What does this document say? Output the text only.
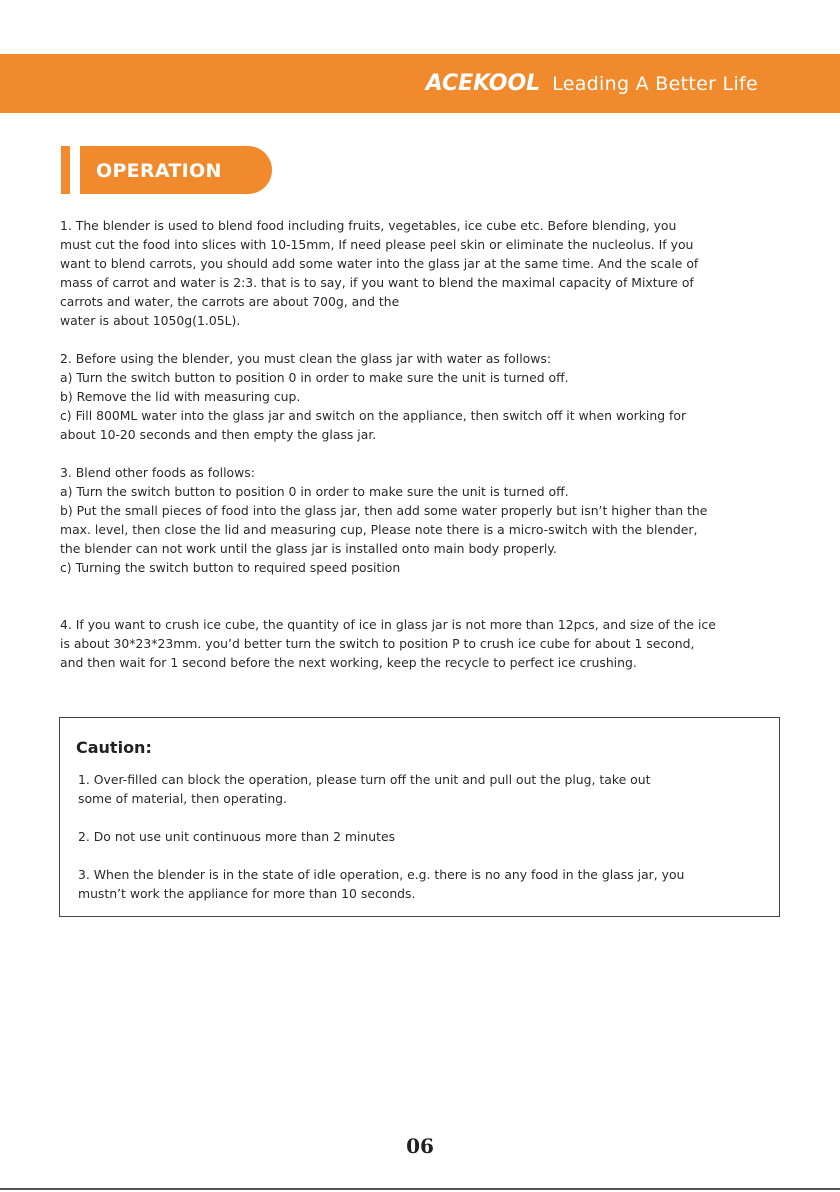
ACEKOOL Leading A Better Life
OPERATION
1. The blender is used to blend food including fruits, vegetables, ice cube etc. Before blending, you
must cut the food into slices with 10-15mm, If need please peel skin or eliminate the nucleolus. If you
want to blend carrots, you should add some water into the glass jar at the same time. And the scale of
mass of carrot and water is 2:3. that is to say, if you want to blend the maximal capacity of Mixture of
carrots and water, the carrots are about 700g, and the
water is about 1050g(1.05L).
2. Before using the blender, you must clean the glass jar with water as follows:
a) Turn the switch button to position 0 in order to make sure the unit is turned off.
b) Remove the lid with measuring cup.
c) Fill 800ML water into the glass jar and switch on the appliance, then switch off it when working for
about 10-20 seconds and then empty the glass jar.
3. Blend other foods as follows:
a) Turn the switch button to position 0 in order to make sure the unit is turned off.
b) Put the small pieces of food into the glass jar, then add some water properly but isn’t higher than the
max. level, then close the lid and measuring cup, Please note there is a micro-switch with the blender,
the blender can not work until the glass jar is installed onto main body properly.
c) Turning the switch button to required speed position
4. If you want to crush ice cube, the quantity of ice in glass jar is not more than 12pcs, and size of the ice
is about 30*23*23mm. you’d better turn the switch to position P to crush ice cube for about 1 second,
and then wait for 1 second before the next working, keep the recycle to perfect ice crushing.
Caution:
1. Over-filled can block the operation, please turn off the unit and pull out the plug, take out
some of material, then operating.
2. Do not use unit continuous more than 2 minutes
3. When the blender is in the state of idle operation, e.g. there is no any food in the glass jar, you
mustn’t work the appliance for more than 10 seconds.
06
